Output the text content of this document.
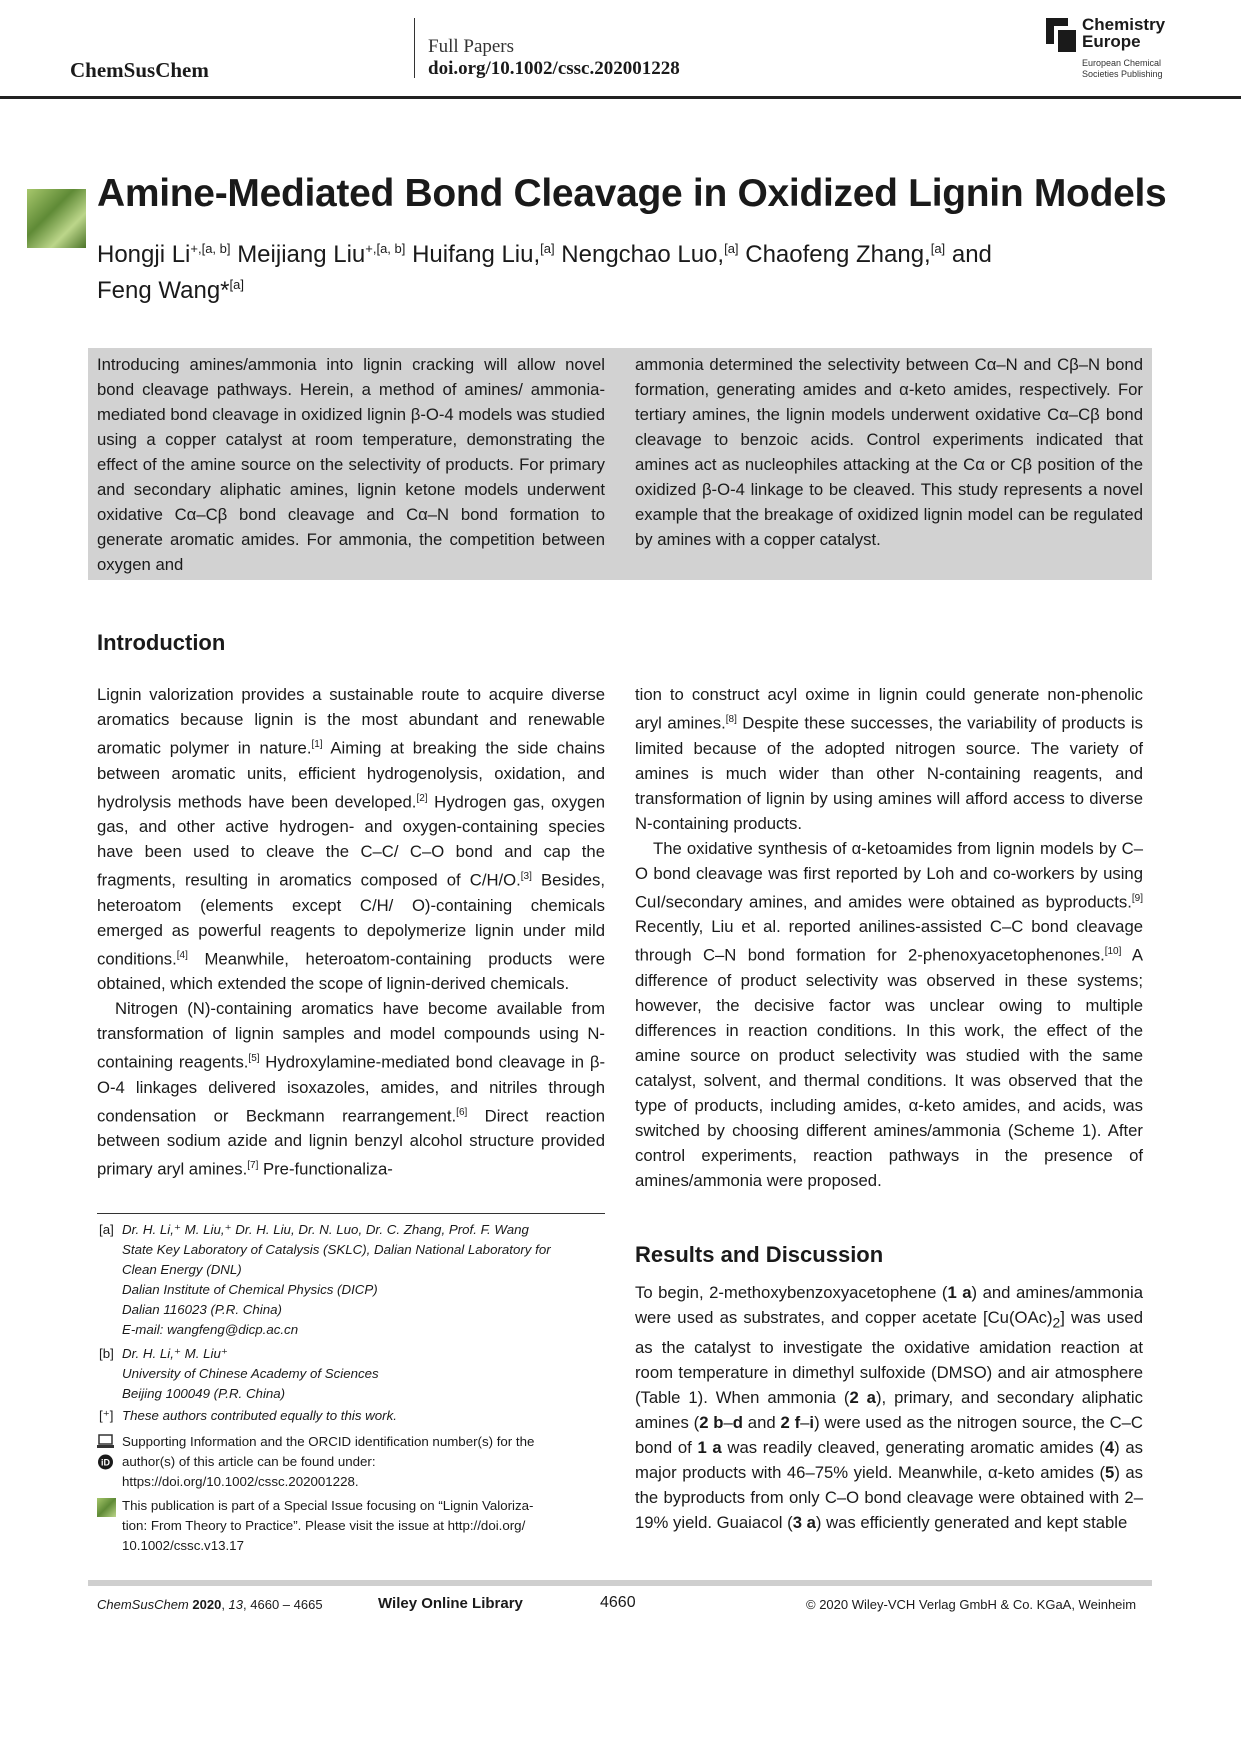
ChemSusChem
Full Papers
doi.org/10.1002/cssc.202001228
Chemistry
Europe
European Chemical
Societies Publishing
Amine-Mediated Bond Cleavage in Oxidized Lignin Models
Hongji $Li^{+,[a, b]}$ Meijiang Liu$^{+,[a, b]}$ Huifang Liu,[a] Nengchao Luo,[a] Chaofeng Zhang,[a] and
Feng Wang*[a]
Introducing amines/ammonia into lignin cracking will allow novel bond cleavage pathways. Herein, a method of amines/ ammonia-mediated bond cleavage in oxidized lignin β-O-4 models was studied using a copper catalyst at room temperature, demonstrating the effect of the amine source on the selectivity of products. For primary and secondary aliphatic amines, lignin ketone models underwent oxidative Cα–Cβ bond cleavage and Cα–N bond formation to generate aromatic amides. For ammonia, the competition between oxygen and
ammonia determined the selectivity between Cα–N and Cβ–N bond formation, generating amides and α-keto amides, respectively. For tertiary amines, the lignin models underwent oxidative Cα–Cβ bond cleavage to benzoic acids. Control experiments indicated that amines act as nucleophiles attacking at the Cα or Cβ position of the oxidized β-O-4 linkage to be cleaved. This study represents a novel example that the breakage of oxidized lignin model can be regulated by amines with a copper catalyst.
Introduction

Lignin valorization provides a sustainable route to acquire diverse aromatics because lignin is the most abundant and renewable aromatic polymer in nature.[1] Aiming at breaking the side chains between aromatic units, efficient hydrogenolysis, oxidation, and hydrolysis methods have been developed.[2] Hydrogen gas, oxygen gas, and other active hydrogen- and oxygen-containing species have been used to cleave the C–C/ C–O bond and cap the fragments, resulting in aromatics composed of C/H/O.[3] Besides, heteroatom (elements except C/H/ O)-containing chemicals emerged as powerful reagents to depolymerize lignin under mild conditions.[4] Meanwhile, heteroatom-containing products were obtained, which extended the scope of lignin-derived chemicals.

Nitrogen (N)-containing aromatics have become available from transformation of lignin samples and model compounds using N-containing reagents.[5] Hydroxylamine-mediated bond cleavage in β-O-4 linkages delivered isoxazoles, amides, and nitriles through condensation or Beckmann rearrangement.[6] Direct reaction between sodium azide and lignin benzyl alcohol structure provided primary aryl amines.[7] Pre-functionaliza-

tion to construct acyl oxime in lignin could generate non-phenolic aryl amines.[8] Despite these successes, the variability of products is limited because of the adopted nitrogen source. The variety of amines is much wider than other N-containing reagents, and transformation of lignin by using amines will afford access to diverse N-containing products.

The oxidative synthesis of α-ketoamides from lignin models by C–O bond cleavage was first reported by Loh and co-workers by using CuI/secondary amines, and amides were obtained as byproducts.[9] Recently, Liu et al. reported anilines-assisted C–C bond cleavage through C–N bond formation for 2-phenoxyacetophenones.[10] A difference of product selectivity was observed in these systems; however, the decisive factor was unclear owing to multiple differences in reaction conditions. In this work, the effect of the amine source on product selectivity was studied with the same catalyst, solvent, and thermal conditions. It was observed that the type of products, including amides, α-keto amides, and acids, was switched by choosing different amines/ammonia (Scheme 1). After control experiments, reaction pathways in the presence of amines/ammonia were proposed.

Results and Discussion

To begin, 2-methoxybenzoxyacetophene (1 a) and amines/ammonia were used as substrates, and copper acetate $[Cu(OAc)_2]$ was used as the catalyst to investigate the oxidative amidation reaction at room temperature in dimethyl sulfoxide (DMSO) and air atmosphere (Table 1). When ammonia (2 a), primary, and secondary aliphatic amines (2 b–d and 2 f–i) were used as the nitrogen source, the C–C bond of 1 a was readily cleaved, generating aromatic amides (4) as major products with 46–75% yield. Meanwhile, α-keto amides (5) as the byproducts from only C–O bond cleavage were obtained with 2–19% yield. Guaiacol (3 a) was efficiently generated and kept stable

[a] Dr. H. Li,⁺ M. Liu,⁺ Dr. H. Liu, Dr. N. Luo, Dr. C. Zhang, Prof. F. Wang
State Key Laboratory of Catalysis (SKLC), Dalian National Laboratory for
Clean Energy (DNL)
Dalian Institute of Chemical Physics (DICP)
Dalian 116023 (P.R. China)
E-mail: wangfeng@dicp.ac.cn
[b] Dr. H. Li,⁺ M. Liu⁺
University of Chinese Academy of Sciences
Beijing 100049 (P.R. China)
[⁺] These authors contributed equally to this work.
iD
Supporting Information and the ORCID identification number(s) for the
author(s) of this article can be found under:
https://doi.org/10.1002/cssc.202001228.
This publication is part of a Special Issue focusing on “Lignin Valoriza-
tion: From Theory to Practice”. Please visit the issue at http://doi.org/
10.1002/cssc.v13.17
ChemSusChem 2020, 13, 4660 – 4665	Wiley Online Library	4660	© 2020 Wiley-VCH Verlag GmbH & Co. KGaA, Weinheim
